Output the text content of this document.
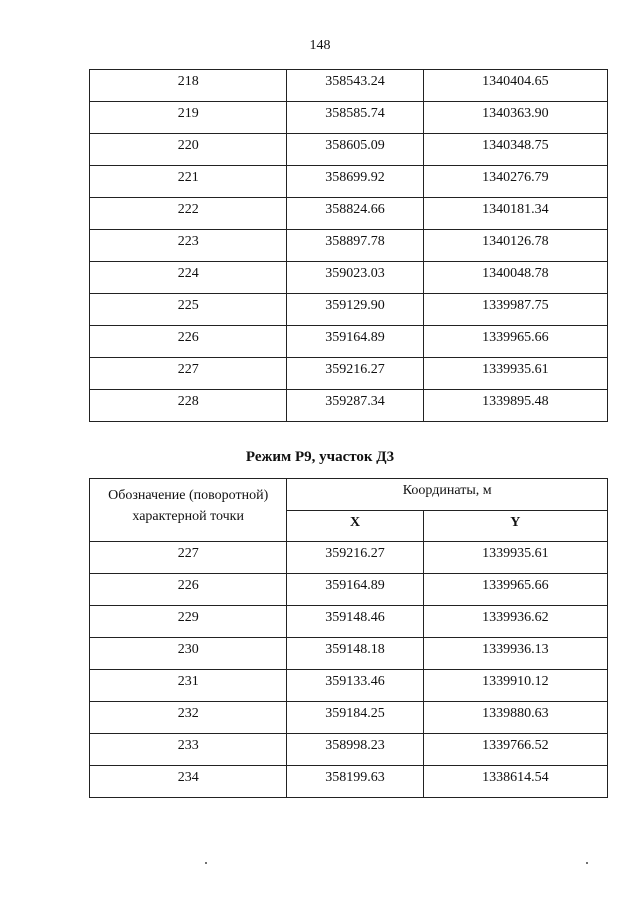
148
218	358543.24	1340404.65
219	358585.74	1340363.90
220	358605.09	1340348.75
221	358699.92	1340276.79
222	358824.66	1340181.34
223	358897.78	1340126.78
224	359023.03	1340048.78
225	359129.90	1339987.75
226	359164.89	1339965.66
227	359216.27	1339935.61
228	359287.34	1339895.48
Режим Р9, участок Д3
Обозначение (поворотной) характерной точки	Координаты, м	
	X	Y
227	359216.27	1339935.61
226	359164.89	1339965.66
229	359148.46	1339936.62
230	359148.18	1339936.13
231	359133.46	1339910.12
232	359184.25	1339880.63
233	358998.23	1339766.52
234	358199.63	1338614.54
